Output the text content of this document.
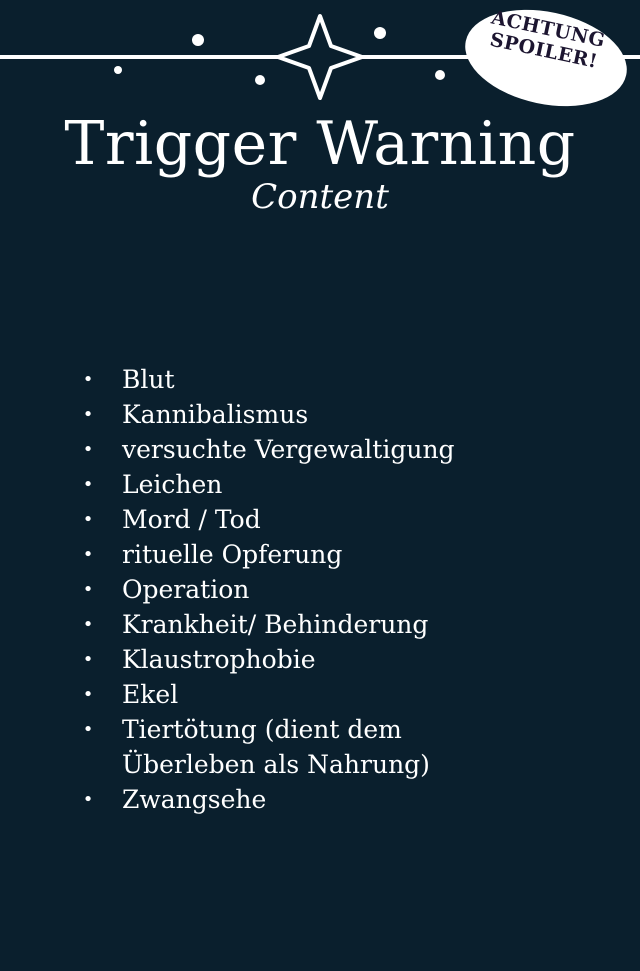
ACHTUNG
SPOILER!
Trigger Warning
Content
• Blut
• Kannibalismus
• versuchte Vergewaltigung
• Leichen
• Mord / Tod
• rituelle Opferung
• Operation
• Krankheit/ Behinderung
• Klaustrophobie
• Ekel
• Tiertötung (dient dem
Überleben als Nahrung)
• Zwangsehe
